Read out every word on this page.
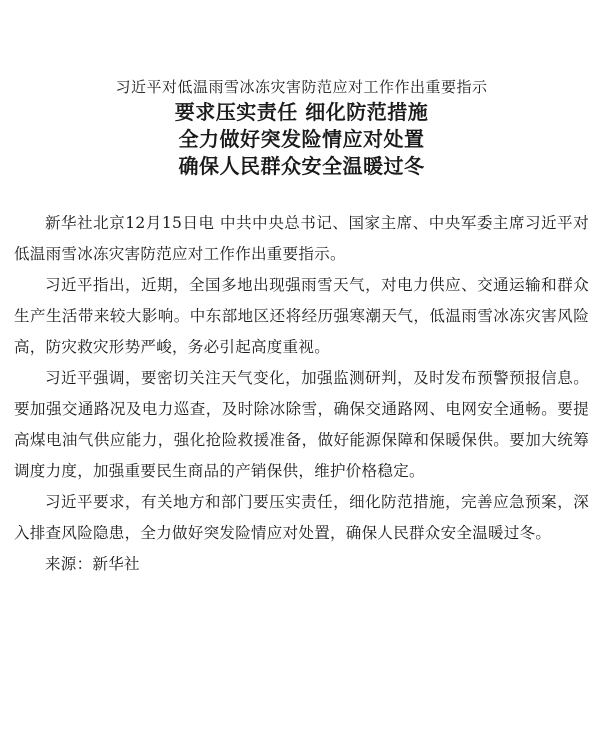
习近平对低温雨雪冰冻灾害防范应对工作作出重要指示
要求压实责任 细化防范措施
全力做好突发险情应对处置
确保人民群众安全温暖过冬

新华社北京12月15日电 中共中央总书记、国家主席、中央军委主席习近平对低温雨雪冰冻灾害防范应对工作作出重要指示。

习近平指出，近期，全国多地出现强雨雪天气，对电力供应、交通运输和群众生产生活带来较大影响。中东部地区还将经历强寒潮天气，低温雨雪冰冻灾害风险高，防灾救灾形势严峻，务必引起高度重视。

习近平强调，要密切关注天气变化，加强监测研判，及时发布预警预报信息。要加强交通路况及电力巡查，及时除冰除雪，确保交通路网、电网安全通畅。要提高煤电油气供应能力，强化抢险救援准备，做好能源保障和保暖保供。要加大统筹调度力度，加强重要民生商品的产销保供，维护价格稳定。

习近平要求，有关地方和部门要压实责任，细化防范措施，完善应急预案，深入排查风险隐患，全力做好突发险情应对处置，确保人民群众安全温暖过冬。

来源：新华社
